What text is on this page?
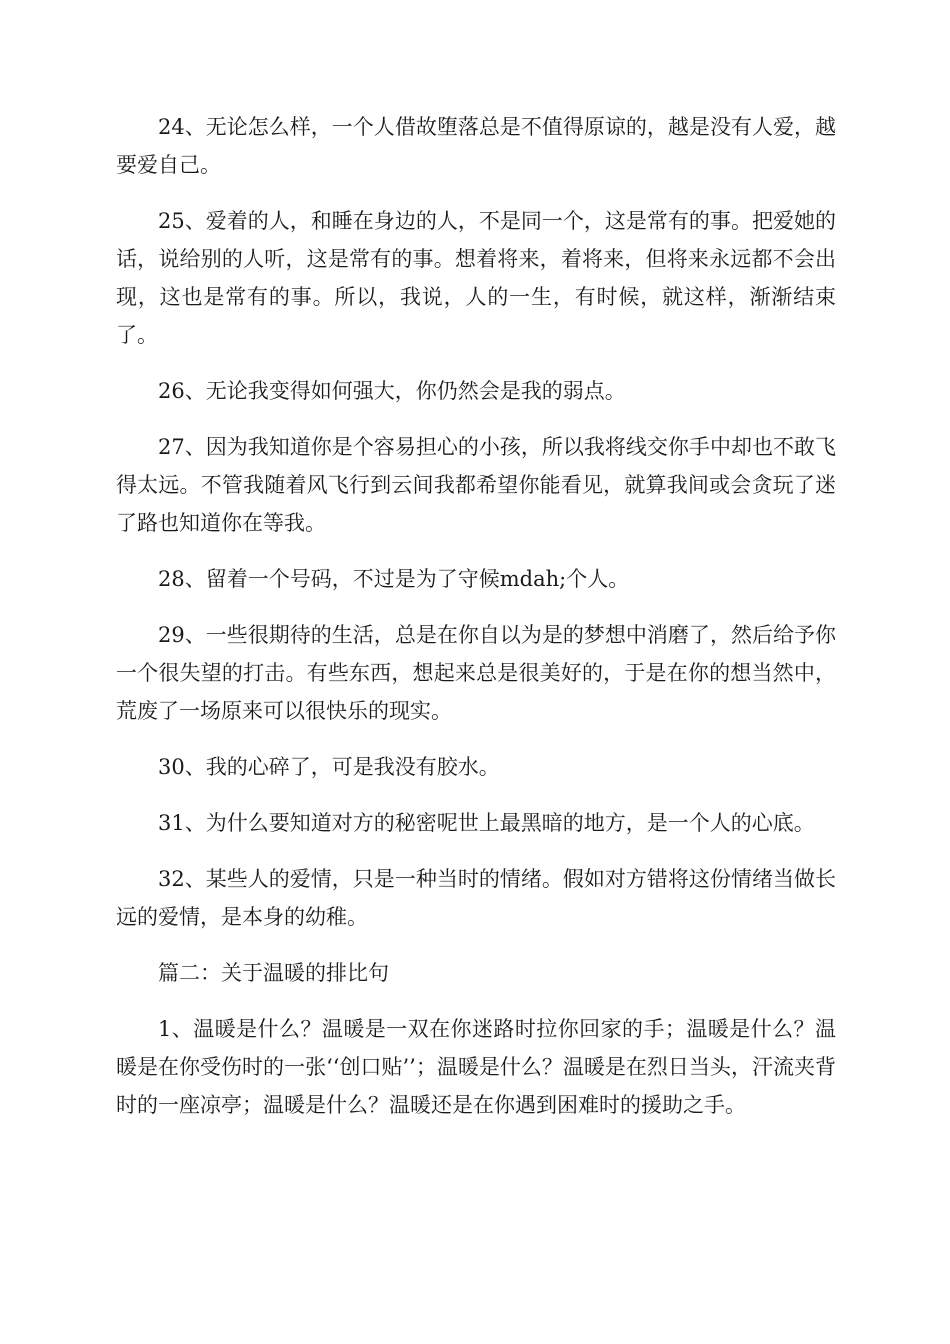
24、无论怎么样，一个人借故堕落总是不值得原谅的，越是没有人爱，越要爱自己。

25、爱着的人，和睡在身边的人，不是同一个，这是常有的事。把爱她的话，说给别的人听，这是常有的事。想着将来，着将来，但将来永远都不会出现，这也是常有的事。所以，我说，人的一生，有时候，就这样，渐渐结束了。

26、无论我变得如何强大，你仍然会是我的弱点。

27、因为我知道你是个容易担心的小孩，所以我将线交你手中却也不敢飞得太远。不管我随着风飞行到云间我都希望你能看见，就算我间或会贪玩了迷了路也知道你在等我。

28、留着一个号码，不过是为了守候mdah;个人。

29、一些很期待的生活，总是在你自以为是的梦想中消磨了，然后给予你一个很失望的打击。有些东西，想起来总是很美好的，于是在你的想当然中，荒废了一场原来可以很快乐的现实。

30、我的心碎了，可是我没有胶水。

31、为什么要知道对方的秘密呢世上最黑暗的地方，是一个人的心底。

32、某些人的爱情，只是一种当时的情绪。假如对方错将这份情绪当做长远的爱情，是本身的幼稚。

篇二：关于温暖的排比句

1、温暖是什么？温暖是一双在你迷路时拉你回家的手；温暖是什么？温暖是在你受伤时的一张‘‘创口贴’’；温暖是什么？温暖是在烈日当头，汗流夹背时的一座凉亭；温暖是什么？温暖还是在你遇到困难时的援助之手。
